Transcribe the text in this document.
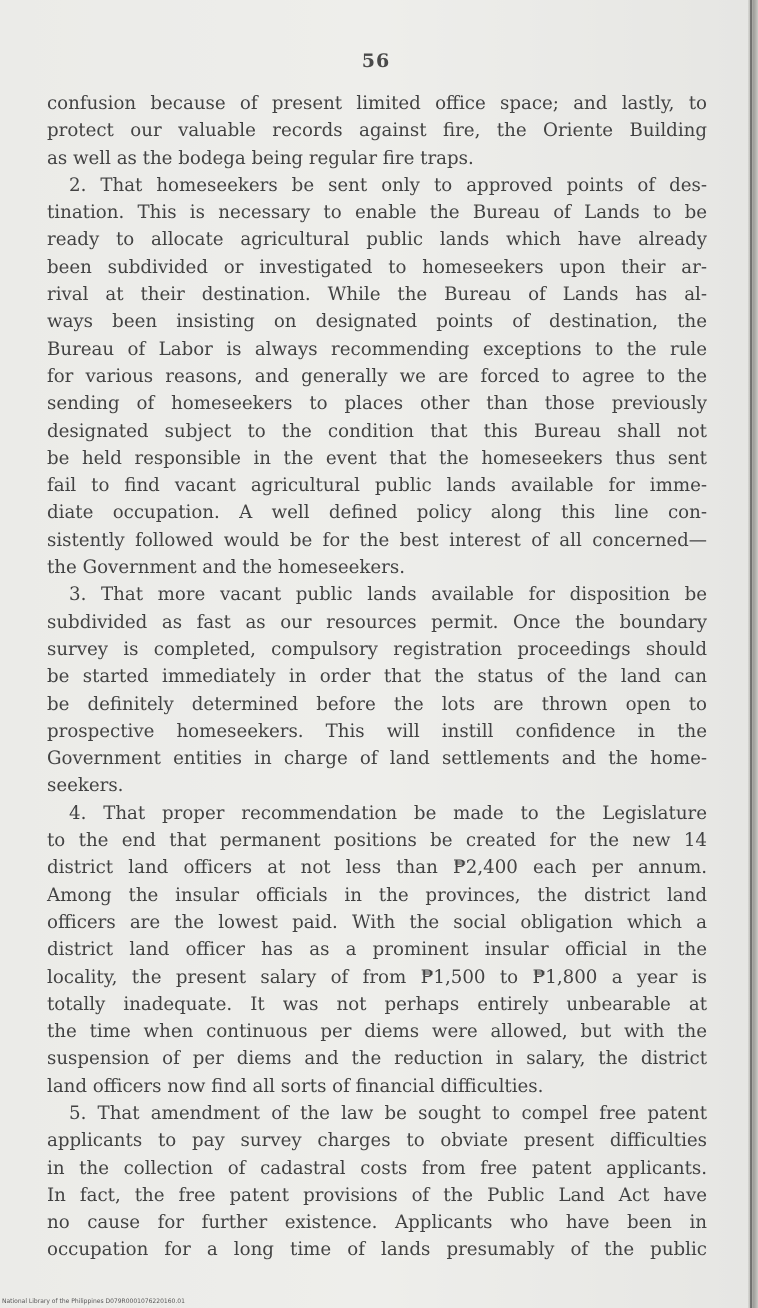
56
confusion because of present limited office space; and lastly, to
protect our valuable records against fire, the Oriente Building
as well as the bodega being regular fire traps.
2. That homeseekers be sent only to approved points of des-
tination. This is necessary to enable the Bureau of Lands to be
ready to allocate agricultural public lands which have already
been subdivided or investigated to homeseekers upon their ar-
rival at their destination. While the Bureau of Lands has al-
ways been insisting on designated points of destination, the
Bureau of Labor is always recommending exceptions to the rule
for various reasons, and generally we are forced to agree to the
sending of homeseekers to places other than those previously
designated subject to the condition that this Bureau shall not
be held responsible in the event that the homeseekers thus sent
fail to find vacant agricultural public lands available for imme-
diate occupation. A well defined policy along this line con-
sistently followed would be for the best interest of all concerned—
the Government and the homeseekers.
3. That more vacant public lands available for disposition be
subdivided as fast as our resources permit. Once the boundary
survey is completed, compulsory registration proceedings should
be started immediately in order that the status of the land can
be definitely determined before the lots are thrown open to
prospective homeseekers. This will instill confidence in the
Government entities in charge of land settlements and the home-
seekers.
4. That proper recommendation be made to the Legislature
to the end that permanent positions be created for the new 14
district land officers at not less than ₱2,400 each per annum.
Among the insular officials in the provinces, the district land
officers are the lowest paid. With the social obligation which a
district land officer has as a prominent insular official in the
locality, the present salary of from ₱1,500 to ₱1,800 a year is
totally inadequate. It was not perhaps entirely unbearable at
the time when continuous per diems were allowed, but with the
suspension of per diems and the reduction in salary, the district
land officers now find all sorts of financial difficulties.
5. That amendment of the law be sought to compel free patent
applicants to pay survey charges to obviate present difficulties
in the collection of cadastral costs from free patent applicants.
In fact, the free patent provisions of the Public Land Act have
no cause for further existence. Applicants who have been in
occupation for a long time of lands presumably of the public
National Library of the Philippines D079R0001076220160.01
